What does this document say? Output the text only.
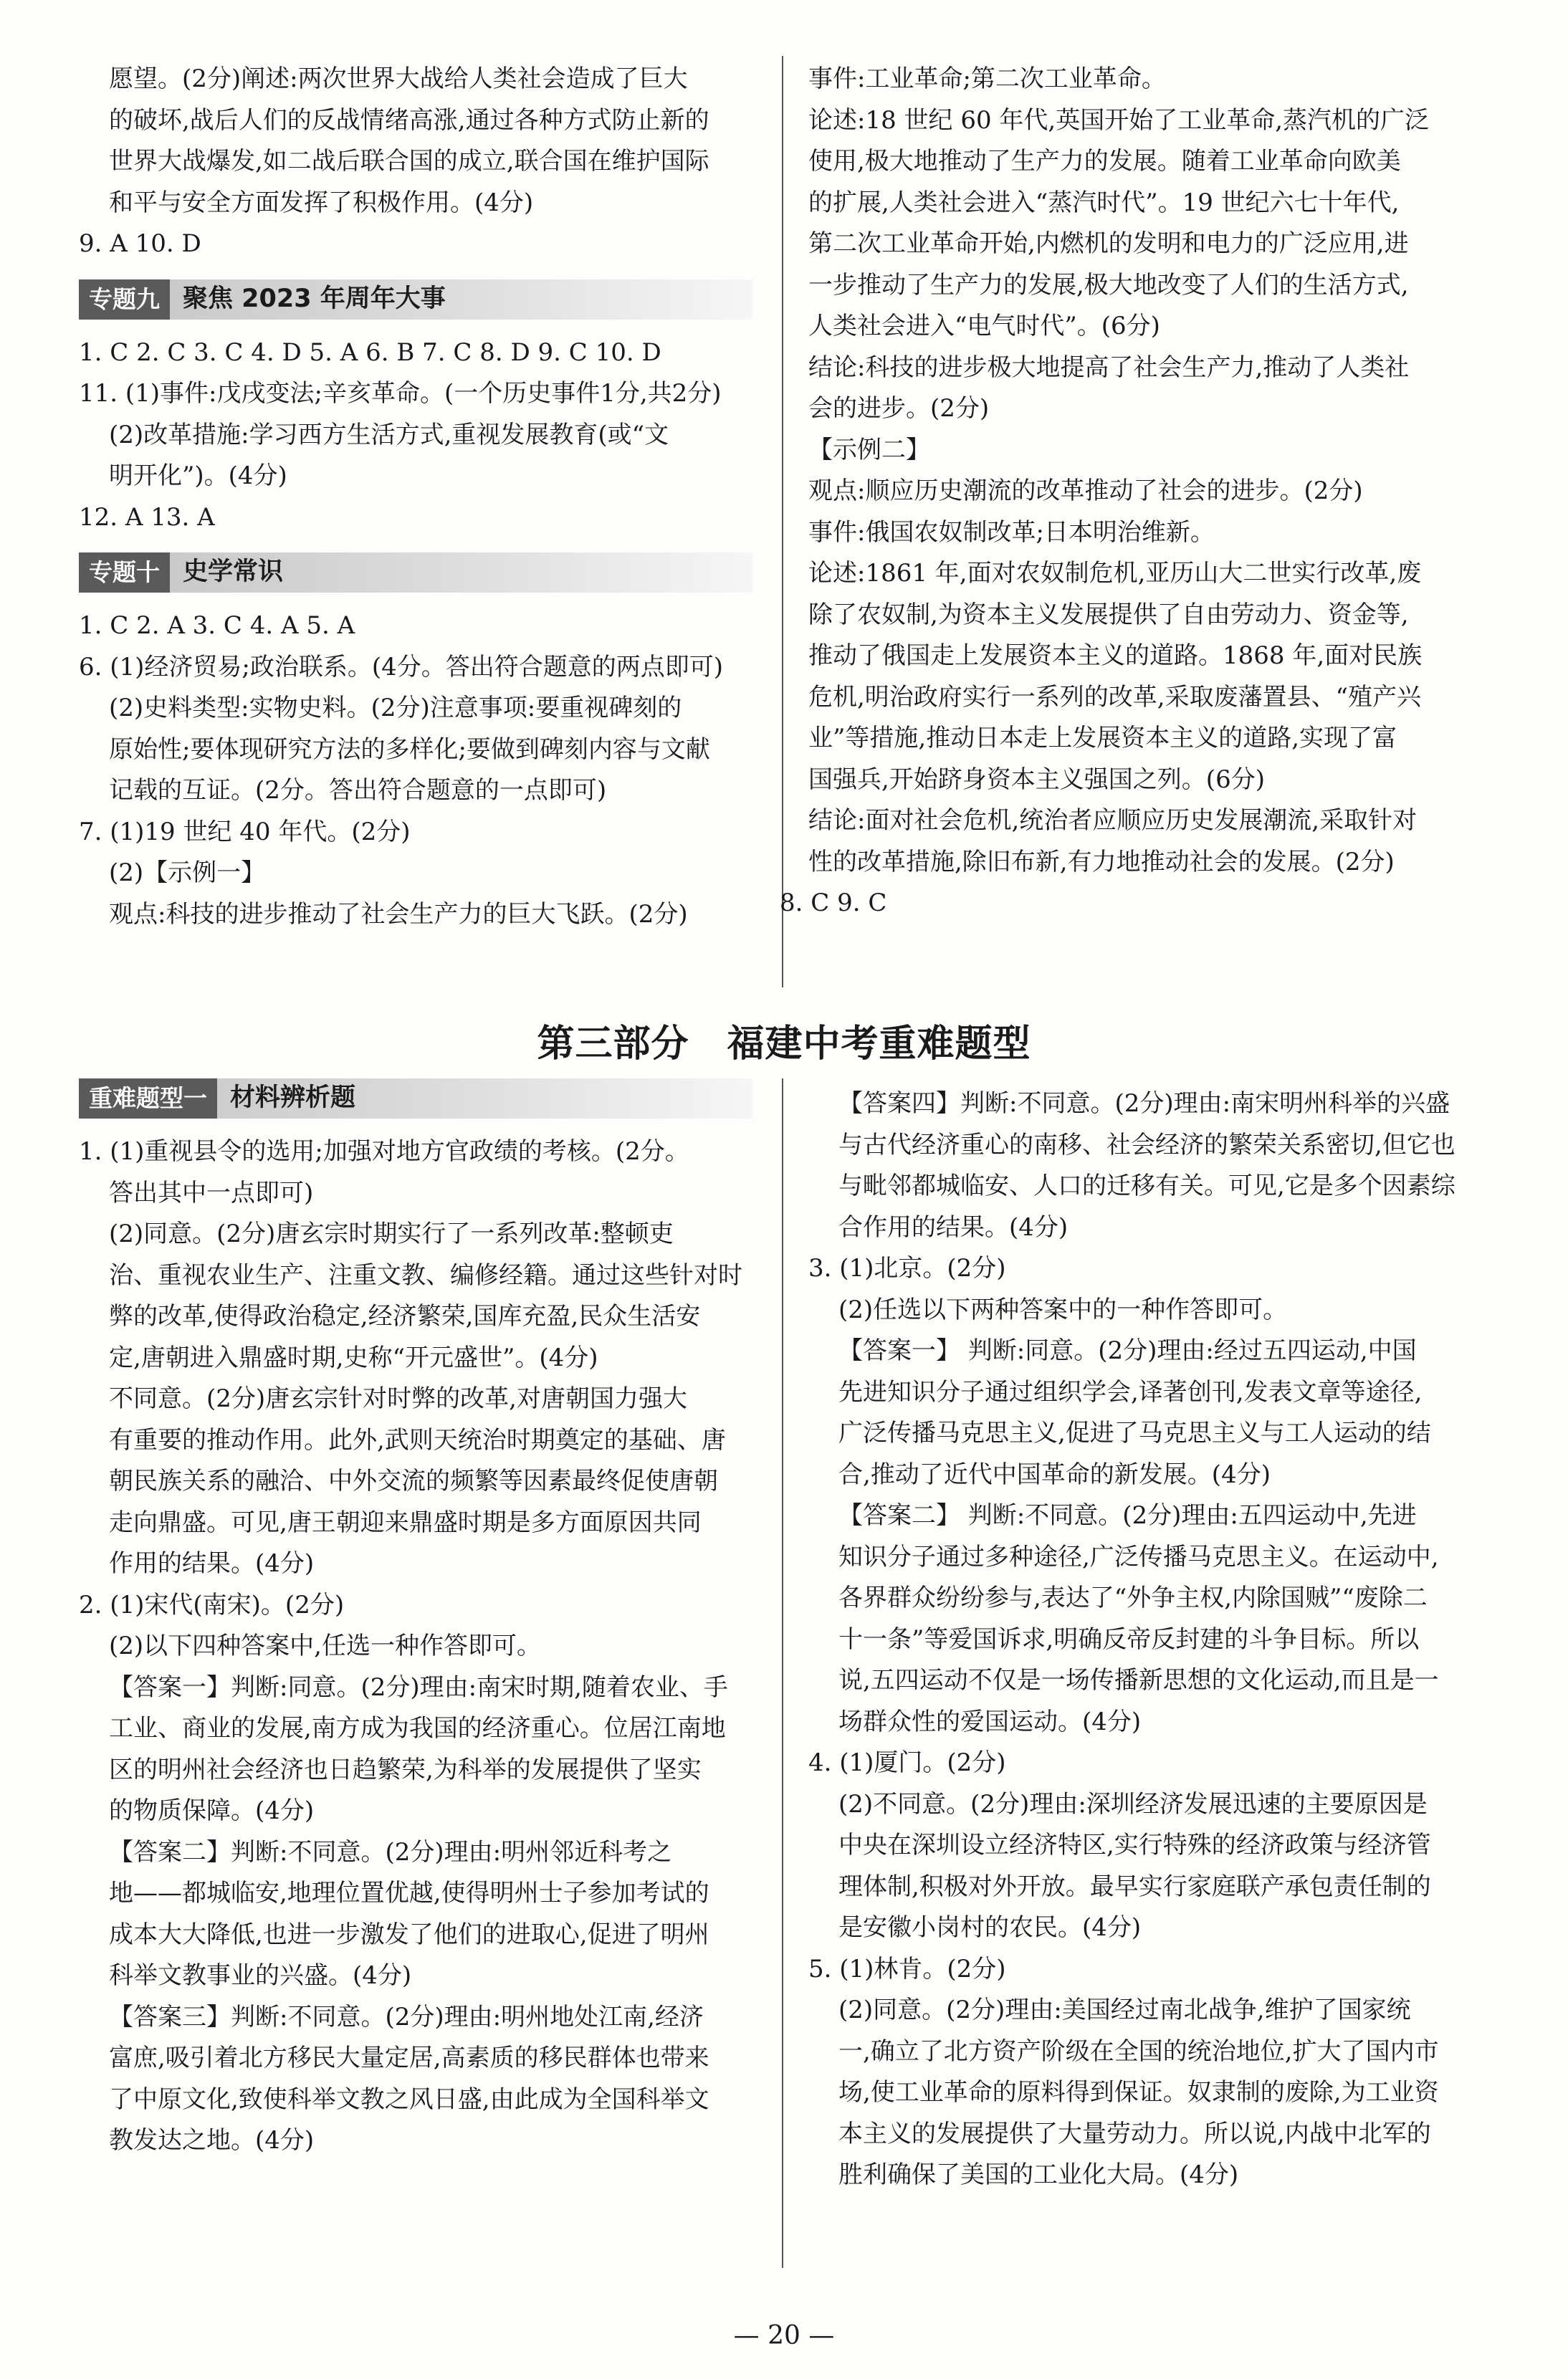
愿望。(2分)阐述:两次世界大战给人类社会造成了巨大

的破坏,战后人们的反战情绪高涨,通过各种方式防止新的

世界大战爆发,如二战后联合国的成立,联合国在维护国际

和平与安全方面发挥了积极作用。(4分)

9. A 10. D

专题九 聚焦 2023 年周年大事

1. C 2. C 3. C 4. D 5. A 6. B 7. C 8. D 9. C 10. D

11. (1)事件:戊戌变法;辛亥革命。(一个历史事件1分,共2分)

(2)改革措施:学习西方生活方式,重视发展教育(或“文

明开化”)。(4分)

12. A 13. A

专题十 史学常识

1. C 2. A 3. C 4. A 5. A

6. (1)经济贸易;政治联系。(4分。答出符合题意的两点即可)

(2)史料类型:实物史料。(2分)注意事项:要重视碑刻的

原始性;要体现研究方法的多样化;要做到碑刻内容与文献

记载的互证。(2分。答出符合题意的一点即可)

7. (1)19 世纪 40 年代。(2分)

(2)【示例一】

观点:科技的进步推动了社会生产力的巨大飞跃。(2分)

事件:工业革命;第二次工业革命。

论述:18 世纪 60 年代,英国开始了工业革命,蒸汽机的广泛

使用,极大地推动了生产力的发展。随着工业革命向欧美

的扩展,人类社会进入“蒸汽时代”。19 世纪六七十年代,

第二次工业革命开始,内燃机的发明和电力的广泛应用,进

一步推动了生产力的发展,极大地改变了人们的生活方式,

人类社会进入“电气时代”。(6分)

结论:科技的进步极大地提高了社会生产力,推动了人类社

会的进步。(2分)

【示例二】

观点:顺应历史潮流的改革推动了社会的进步。(2分)

事件:俄国农奴制改革;日本明治维新。

论述:1861 年,面对农奴制危机,亚历山大二世实行改革,废

除了农奴制,为资本主义发展提供了自由劳动力、资金等,

推动了俄国走上发展资本主义的道路。1868 年,面对民族

危机,明治政府实行一系列的改革,采取废藩置县、“殖产兴

业”等措施,推动日本走上发展资本主义的道路,实现了富

国强兵,开始跻身资本主义强国之列。(6分)

结论:面对社会危机,统治者应顺应历史发展潮流,采取针对

性的改革措施,除旧布新,有力地推动社会的发展。(2分)

8. C 9. C

第三部分　福建中考重难题型
重难题型一 材料辨析题

1. (1)重视县令的选用;加强对地方官政绩的考核。(2分。

答出其中一点即可)

(2)同意。(2分)唐玄宗时期实行了一系列改革:整顿吏

治、重视农业生产、注重文教、编修经籍。通过这些针对时

弊的改革,使得政治稳定,经济繁荣,国库充盈,民众生活安

定,唐朝进入鼎盛时期,史称“开元盛世”。(4分)

不同意。(2分)唐玄宗针对时弊的改革,对唐朝国力强大

有重要的推动作用。此外,武则天统治时期奠定的基础、唐

朝民族关系的融洽、中外交流的频繁等因素最终促使唐朝

走向鼎盛。可见,唐王朝迎来鼎盛时期是多方面原因共同

作用的结果。(4分)

2. (1)宋代(南宋)。(2分)

(2)以下四种答案中,任选一种作答即可。

【答案一】判断:同意。(2分)理由:南宋时期,随着农业、手

工业、商业的发展,南方成为我国的经济重心。位居江南地

区的明州社会经济也日趋繁荣,为科举的发展提供了坚实

的物质保障。(4分)

【答案二】判断:不同意。(2分)理由:明州邻近科考之

地——都城临安,地理位置优越,使得明州士子参加考试的

成本大大降低,也进一步激发了他们的进取心,促进了明州

科举文教事业的兴盛。(4分)

【答案三】判断:不同意。(2分)理由:明州地处江南,经济

富庶,吸引着北方移民大量定居,高素质的移民群体也带来

了中原文化,致使科举文教之风日盛,由此成为全国科举文

教发达之地。(4分)

【答案四】判断:不同意。(2分)理由:南宋明州科举的兴盛

与古代经济重心的南移、社会经济的繁荣关系密切,但它也

与毗邻都城临安、人口的迁移有关。可见,它是多个因素综

合作用的结果。(4分)

3. (1)北京。(2分)

(2)任选以下两种答案中的一种作答即可。

【答案一】 判断:同意。(2分)理由:经过五四运动,中国

先进知识分子通过组织学会,译著创刊,发表文章等途径,

广泛传播马克思主义,促进了马克思主义与工人运动的结

合,推动了近代中国革命的新发展。(4分)

【答案二】 判断:不同意。(2分)理由:五四运动中,先进

知识分子通过多种途径,广泛传播马克思主义。在运动中,

各界群众纷纷参与,表达了“外争主权,内除国贼”“废除二

十一条”等爱国诉求,明确反帝反封建的斗争目标。所以

说,五四运动不仅是一场传播新思想的文化运动,而且是一

场群众性的爱国运动。(4分)

4. (1)厦门。(2分)

(2)不同意。(2分)理由:深圳经济发展迅速的主要原因是

中央在深圳设立经济特区,实行特殊的经济政策与经济管

理体制,积极对外开放。最早实行家庭联产承包责任制的

是安徽小岗村的农民。(4分)

5. (1)林肯。(2分)

(2)同意。(2分)理由:美国经过南北战争,维护了国家统

一,确立了北方资产阶级在全国的统治地位,扩大了国内市

场,使工业革命的原料得到保证。奴隶制的废除,为工业资

本主义的发展提供了大量劳动力。所以说,内战中北军的

胜利确保了美国的工业化大局。(4分)

— 20 —
